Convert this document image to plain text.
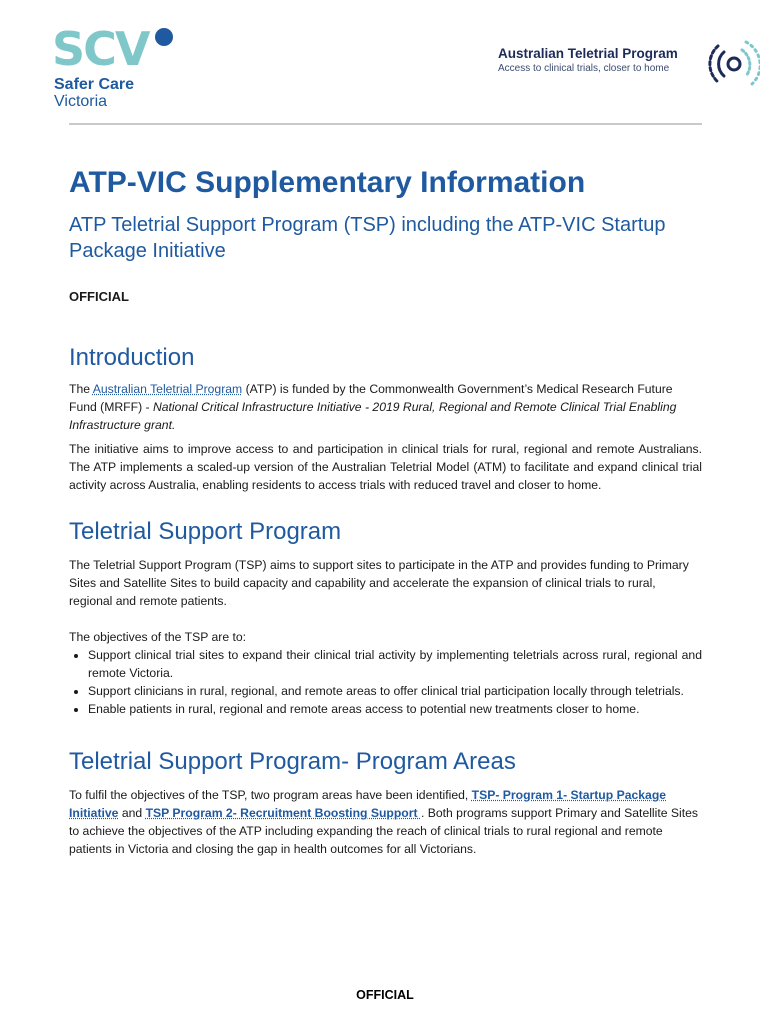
SCV
Safer Care
Victoria
Australian Teletrial Program
Access to clinical trials, closer to home
ATP-VIC Supplementary Information
ATP Teletrial Support Program (TSP) including the ATP-VIC Startup Package Initiative
OFFICIAL
Introduction

The Australian Teletrial Program (ATP) is funded by the Commonwealth Government’s Medical Research Future Fund (MRFF) - National Critical Infrastructure Initiative - 2019 Rural, Regional and Remote Clinical Trial Enabling Infrastructure grant.

The initiative aims to improve access to and participation in clinical trials for rural, regional and remote Australians. The ATP implements a scaled-up version of the Australian Teletrial Model (ATM) to facilitate and expand clinical trial activity across Australia, enabling residents to access trials with reduced travel and closer to home.

Teletrial Support Program

The Teletrial Support Program (TSP) aims to support sites to participate in the ATP and provides funding to Primary Sites and Satellite Sites to build capacity and capability and accelerate the expansion of clinical trials to rural, regional and remote patients.

The objectives of the TSP are to:

• Support clinical trial sites to expand their clinical trial activity by implementing teletrials across rural, regional and remote Victoria.
• Support clinicians in rural, regional, and remote areas to offer clinical trial participation locally through teletrials.
• Enable patients in rural, regional and remote areas access to potential new treatments closer to home.
Teletrial Support Program- Program Areas

To fulfil the objectives of the TSP, two program areas have been identified, TSP- Program 1- Startup Package Initiative and TSP Program 2- Recruitment Boosting Support . Both programs support Primary and Satellite Sites to achieve the objectives of the ATP including expanding the reach of clinical trials to rural regional and remote patients in Victoria and closing the gap in health outcomes for all Victorians.

OFFICIAL
